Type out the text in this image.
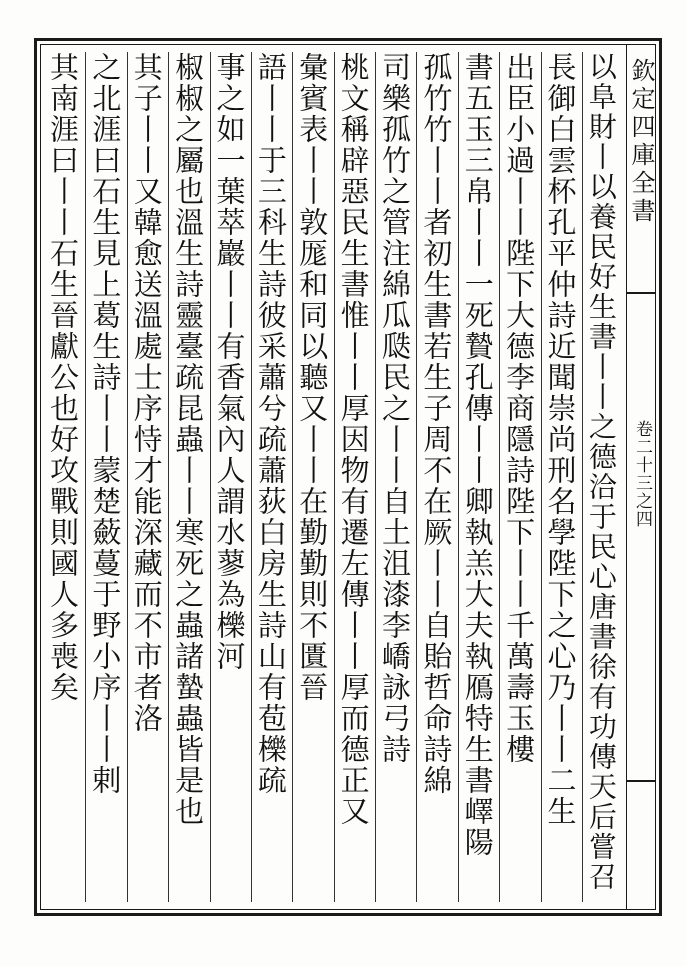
欽定四庫全書
卷二十三之四
以阜財丨以養民好生書丨丨之德洽于民心唐書徐有功傳天后嘗召
長御白雲杯孔平仲詩近聞崇尚刑名學陛下之心乃丨丨二生
出臣小過丨丨陛下大德李商隱詩陛下丨丨千萬壽玉樓
書五玉三帛丨丨一死贄孔傳丨丨卿執羔大夫執鴈特生書嶧陽
孤竹竹丨丨者初生書若生子周不在厥丨丨自貽哲命詩綿
司樂孤竹之管注綿瓜瓞民之丨丨自土沮漆李嶠詠弓詩
桃文稱辟惡民生書惟丨丨厚因物有遷左傳丨丨厚而德正又
彙賓表丨丨敦厖和同以聽又丨丨在勤勤則不匱晉
語丨丨于三科生詩彼采蕭兮疏蕭荻白房生詩山有苞櫟疏
事之如一葉萃巖丨丨有香氣內人謂水蓼為櫟河
椒椒之屬也溫生詩靈臺疏昆蟲丨丨寒死之蟲諸蟄蟲皆是也
其子丨丨又韓愈送溫處士序恃才能深藏而不市者洛
之北涯曰石生見上葛生詩丨丨蒙楚蘞蔓于野小序丨丨剌
其南涯曰丨丨石生晉獻公也好攻戰則國人多喪矣
